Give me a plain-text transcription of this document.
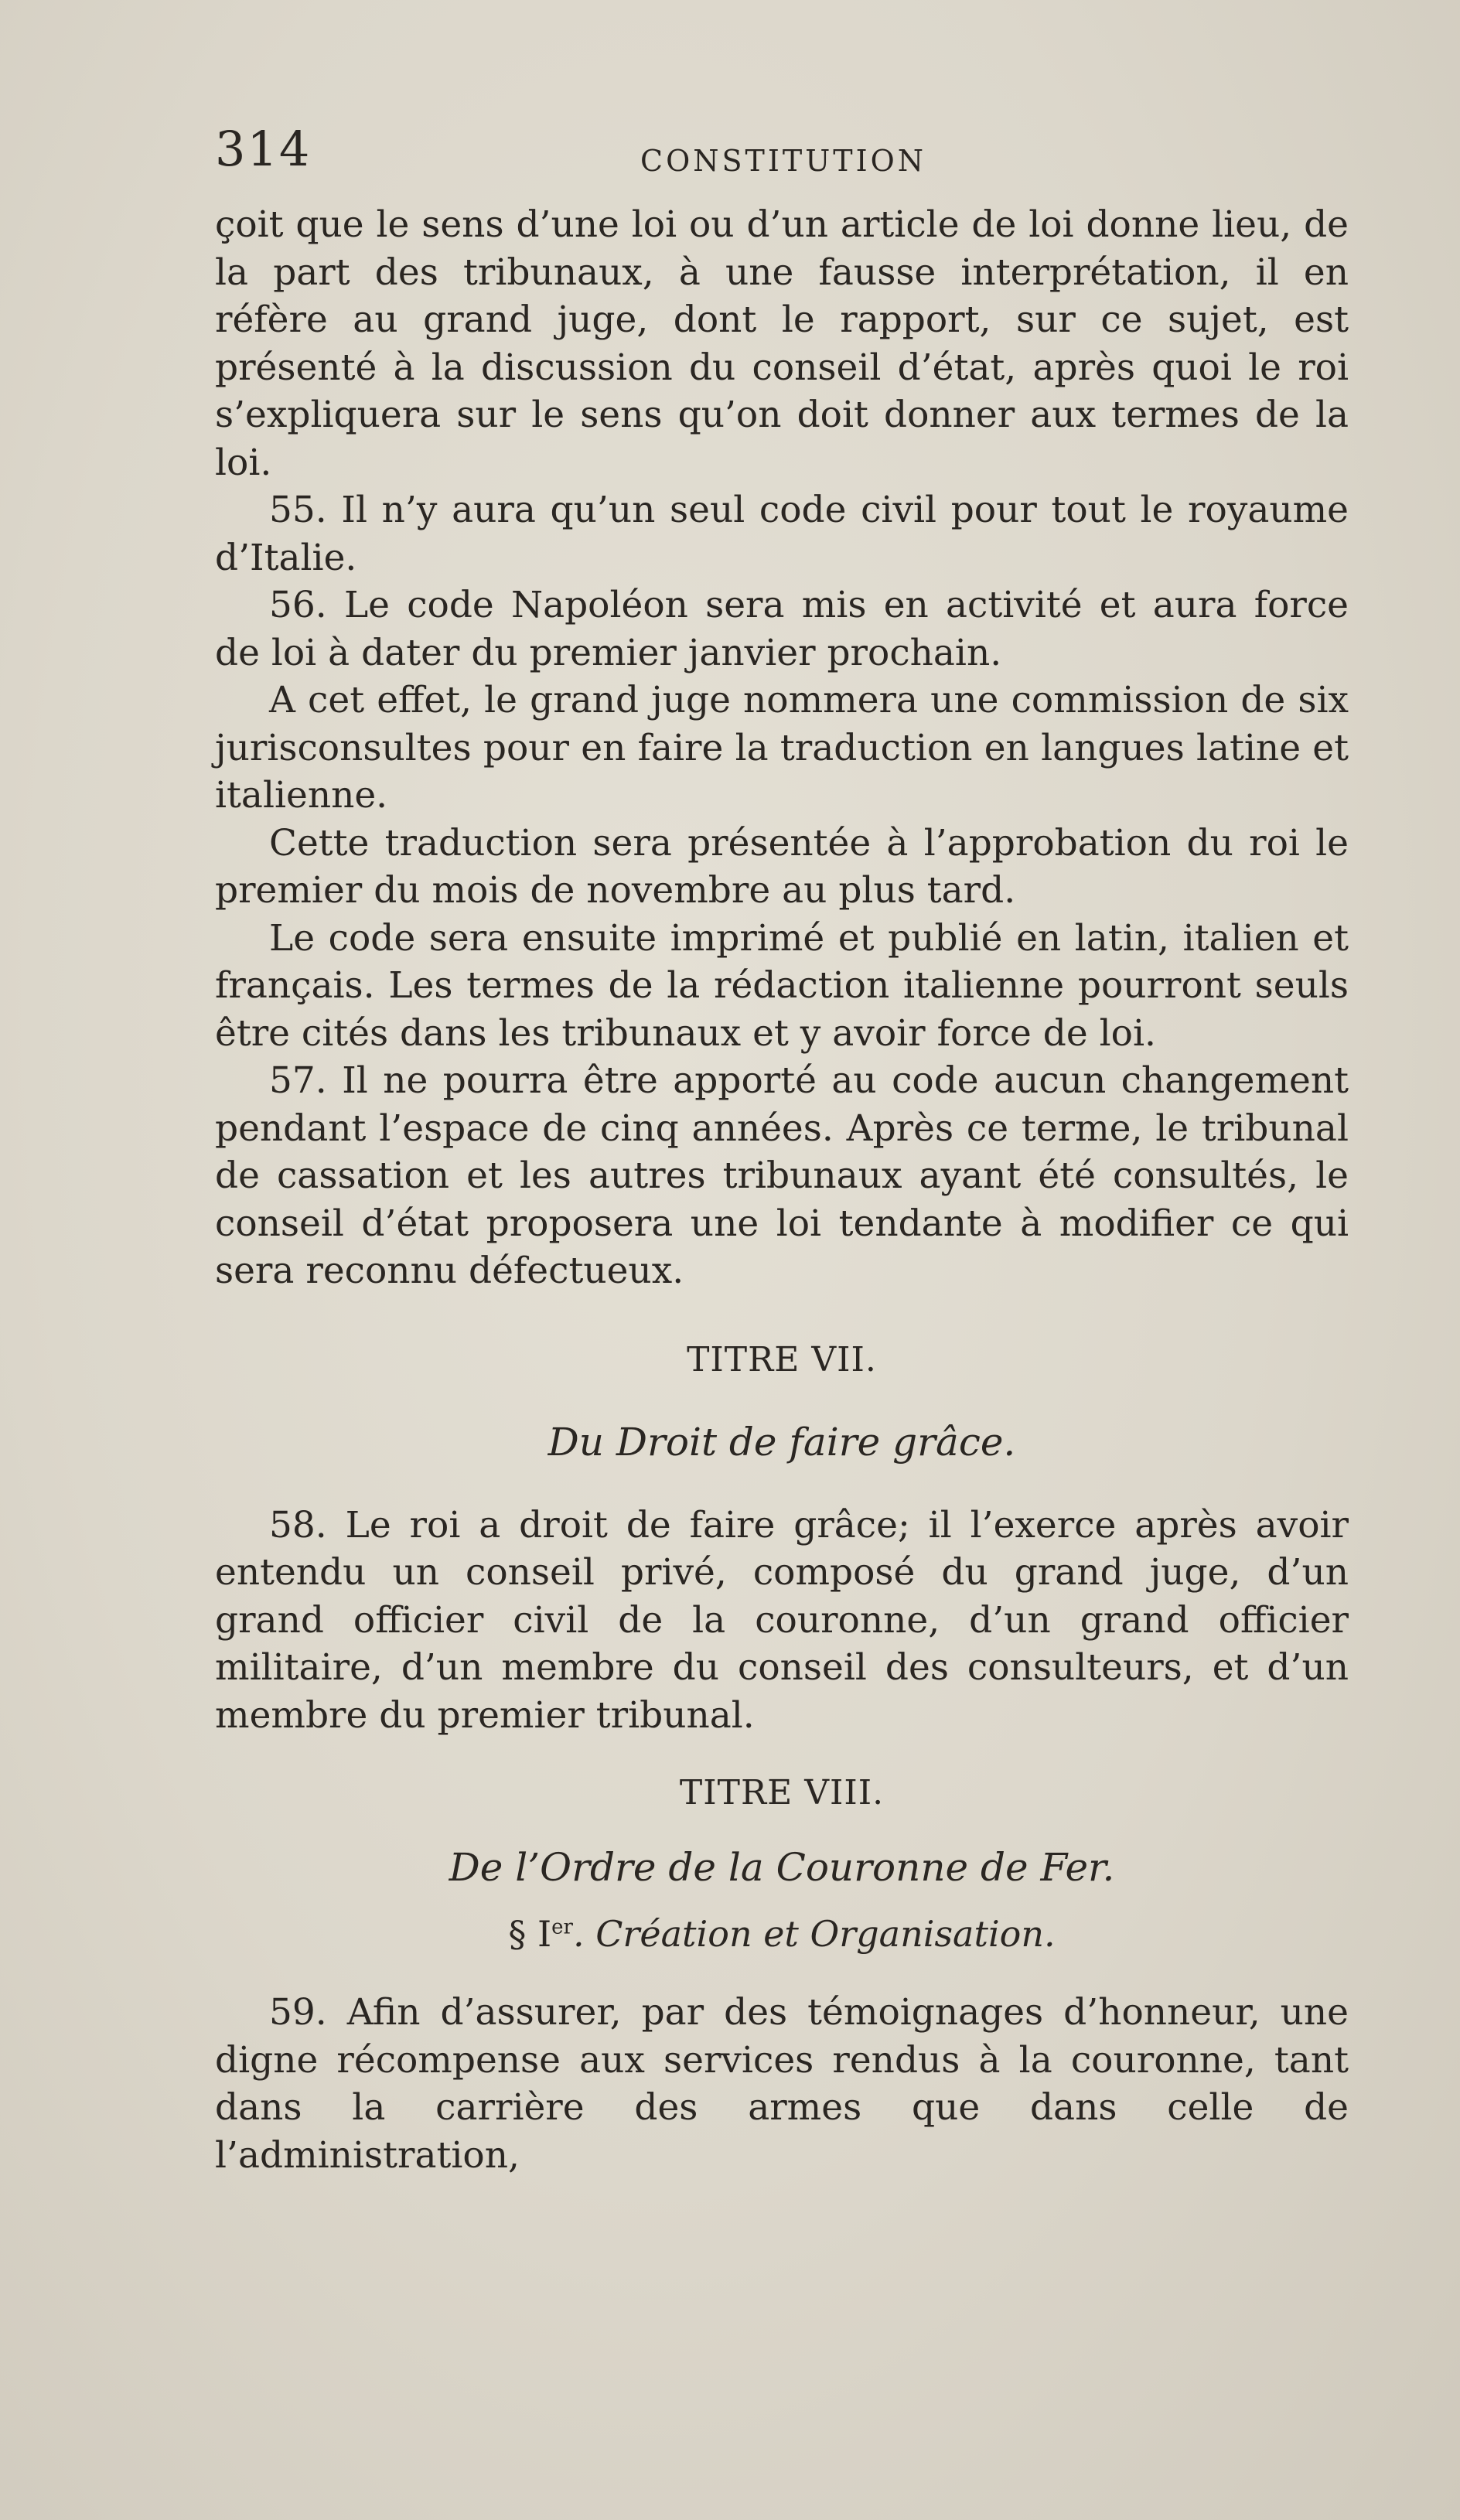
314	CONSTITUTION

çoit que le sens d’une loi ou d’un article de loi donne lieu, de la part des tribunaux, à une fausse interprétation, il en réfère au grand juge, dont le rapport, sur ce sujet, est présenté à la discussion du conseil d’état, après quoi le roi s’expliquera sur le sens qu’on doit donner aux termes de la loi.

55. Il n’y aura qu’un seul code civil pour tout le royaume d’Italie.

56. Le code Napoléon sera mis en activité et aura force de loi à dater du premier janvier prochain.

A cet effet, le grand juge nommera une commission de six jurisconsultes pour en faire la traduction en langues latine et italienne.

Cette traduction sera présentée à l’approbation du roi le premier du mois de novembre au plus tard.

Le code sera ensuite imprimé et publié en latin, italien et français. Les termes de la rédaction italienne pourront seuls être cités dans les tribunaux et y avoir force de loi.

57. Il ne pourra être apporté au code aucun changement pendant l’espace de cinq années. Après ce terme, le tribunal de cassation et les autres tribunaux ayant été consultés, le conseil d’état proposera une loi tendante à modifier ce qui sera reconnu défectueux.

TITRE VII.
Du Droit de faire grâce.

58. Le roi a droit de faire grâce; il l’exerce après avoir entendu un conseil privé, composé du grand juge, d’un grand officier civil de la couronne, d’un grand officier militaire, d’un membre du conseil des consulteurs, et d’un membre du premier tribunal.

TITRE VIII.
De l’Ordre de la Couronne de Fer.
§ Ier. Création et Organisation.

59. Afin d’assurer, par des témoignages d’honneur, une digne récompense aux services rendus à la couronne, tant dans la carrière des armes que dans celle de l’administration,
